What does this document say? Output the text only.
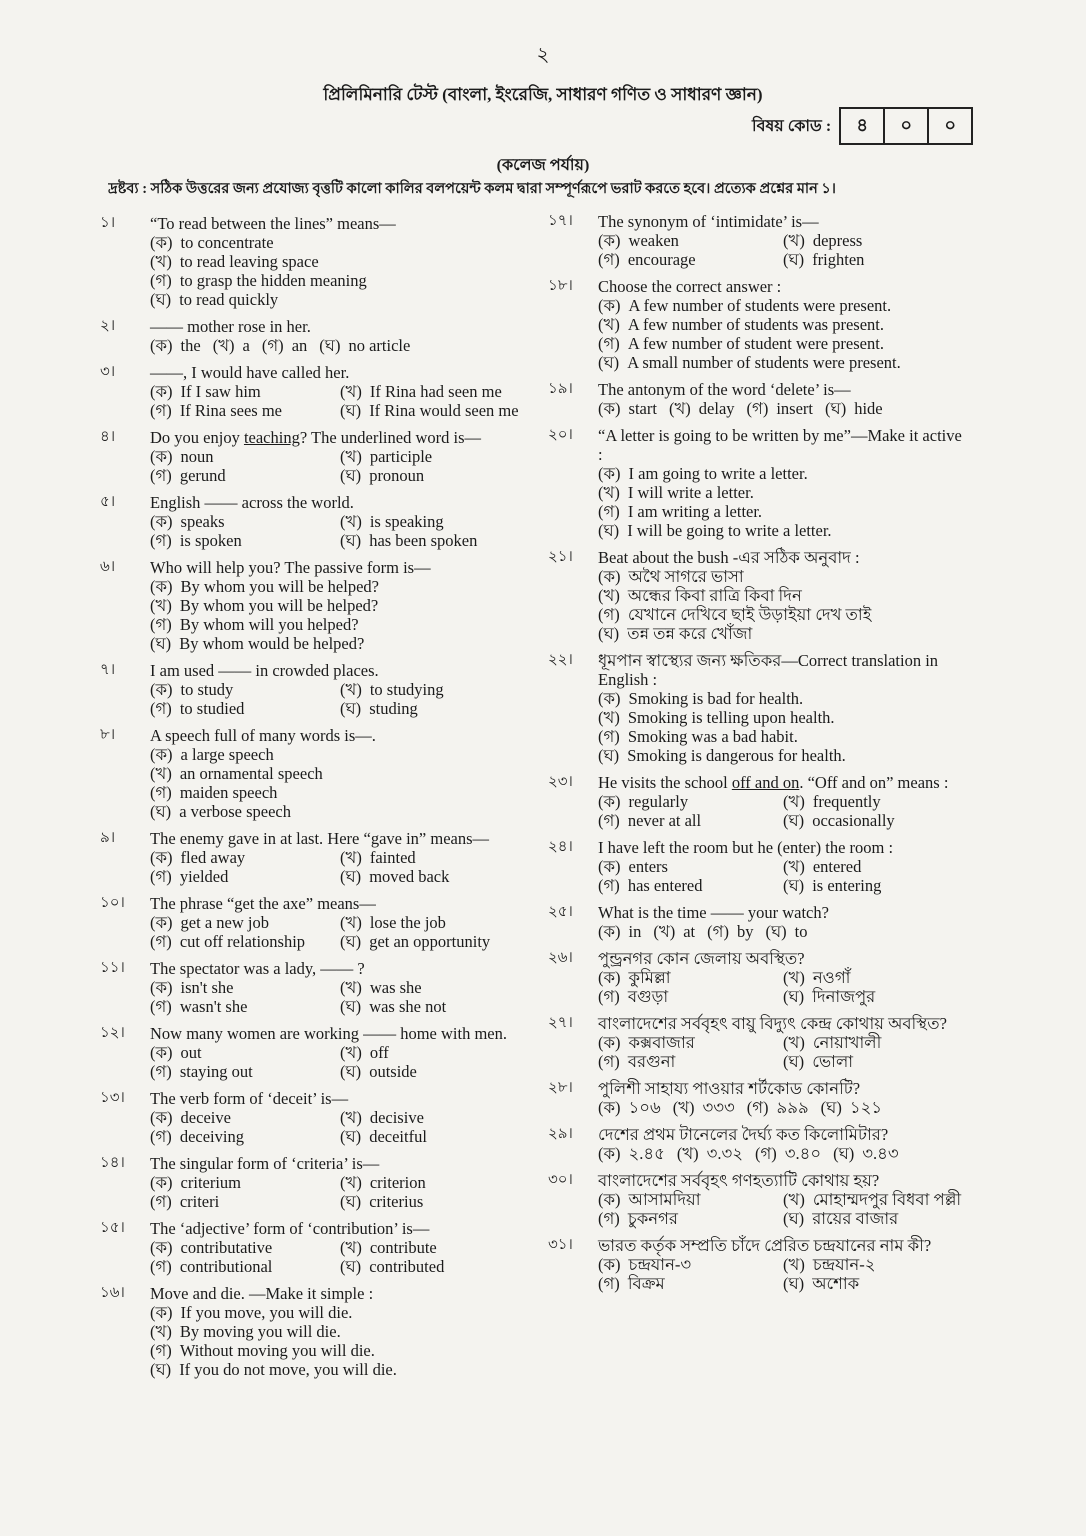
২
প্রিলিমিনারি টেস্ট (বাংলা, ইংরেজি, সাধারণ গণিত ও সাধারণ জ্ঞান)
বিষয় কোড :	৪	০	০
(কলেজ পর্যায়)
দ্রষ্টব্য : সঠিক উত্তরের জন্য প্রযোজ্য বৃত্তটি কালো কালির বলপয়েন্ট কলম দ্বারা সম্পূর্ণরূপে ভরাট করতে হবে। প্রত্যেক প্রশ্নের মান ১।
১।	“To read between the lines” means—
(ক) to concentrate
(খ) to read leaving space
(গ) to grasp the hidden meaning
(ঘ) to read quickly
২।	—— mother rose in her.
(ক) the (খ) a (গ) an (ঘ) no article
৩।	——, I would have called her.
(ক) If I saw him	(খ) If Rina had seen me
(গ) If Rina sees me	(ঘ) If Rina would seen me
৪।	Do you enjoy teaching? The underlined word is—
(ক) noun	(খ) participle
(গ) gerund	(ঘ) pronoun
৫।	English —— across the world.
(ক) speaks	(খ) is speaking
(গ) is spoken	(ঘ) has been spoken
৬।	Who will help you? The passive form is—
(ক) By whom you will be helped?
(খ) By whom you will be helped?
(গ) By whom will you helped?
(ঘ) By whom would be helped?
৭।	I am used —— in crowded places.
(ক) to study	(খ) to studying
(গ) to studied	(ঘ) studing
৮।	A speech full of many words is—.
(ক) a large speech
(খ) an ornamental speech
(গ) maiden speech
(ঘ) a verbose speech
৯।	The enemy gave in at last. Here “gave in” means—
(ক) fled away	(খ) fainted
(গ) yielded	(ঘ) moved back
১০।	The phrase “get the axe” means—
(ক) get a new job	(খ) lose the job
(গ) cut off relationship	(ঘ) get an opportunity
১১।	The spectator was a lady, —— ?
(ক) isn't she	(খ) was she
(গ) wasn't she	(ঘ) was she not
১২।	Now many women are working —— home with men.
(ক) out	(খ) off
(গ) staying out	(ঘ) outside
১৩।	The verb form of ‘deceit’ is—
(ক) deceive	(খ) decisive
(গ) deceiving	(ঘ) deceitful
১৪।	The singular form of ‘criteria’ is—
(ক) criterium	(খ) criterion
(গ) criteri	(ঘ) criterius
১৫।	The ‘adjective’ form of ‘contribution’ is—
(ক) contributative	(খ) contribute
(গ) contributional	(ঘ) contributed
১৬।	Move and die. —Make it simple :
(ক) If you move, you will die.
(খ) By moving you will die.
(গ) Without moving you will die.
(ঘ) If you do not move, you will die.
১৭।	The synonym of ‘intimidate’ is—
(ক) weaken	(খ) depress
(গ) encourage	(ঘ) frighten
১৮।	Choose the correct answer :
(ক) A few number of students were present.
(খ) A few number of students was present.
(গ) A few number of student were present.
(ঘ) A small number of students were present.
১৯।	The antonym of the word ‘delete’ is—
(ক) start (খ) delay (গ) insert (ঘ) hide
২০।	“A letter is going to be written by me”—Make it active :
(ক) I am going to write a letter.
(খ) I will write a letter.
(গ) I am writing a letter.
(ঘ) I will be going to write a letter.
২১।	Beat about the bush -এর সঠিক অনুবাদ :
(ক) অথৈ সাগরে ভাসা
(খ) অন্ধের কিবা রাত্রি কিবা দিন
(গ) যেখানে দেখিবে ছাই উড়াইয়া দেখ তাই
(ঘ) তন্ন তন্ন করে খোঁজা
২২।	ধূমপান স্বাস্থ্যের জন্য ক্ষতিকর—Correct translation in English :
(ক) Smoking is bad for health.
(খ) Smoking is telling upon health.
(গ) Smoking was a bad habit.
(ঘ) Smoking is dangerous for health.
২৩।	He visits the school off and on. “Off and on” means :
(ক) regularly	(খ) frequently
(গ) never at all	(ঘ) occasionally
২৪।	I have left the room but he (enter) the room :
(ক) enters	(খ) entered
(গ) has entered	(ঘ) is entering
২৫।	What is the time —— your watch?
(ক) in (খ) at (গ) by (ঘ) to
২৬।	পুন্ড্রনগর কোন জেলায় অবস্থিত?
(ক) কুমিল্লা	(খ) নওগাঁ
(গ) বগুড়া	(ঘ) দিনাজপুর
২৭।	বাংলাদেশের সর্ববৃহৎ বায়ু বিদ্যুৎ কেন্দ্র কোথায় অবস্থিত?
(ক) কক্সবাজার	(খ) নোয়াখালী
(গ) বরগুনা	(ঘ) ভোলা
২৮।	পুলিশী সাহায্য পাওয়ার শর্টকোড কোনটি?
(ক) ১০৬ (খ) ৩৩৩ (গ) ৯৯৯ (ঘ) ১২১
২৯।	দেশের প্রথম টানেলের দৈর্ঘ্য কত কিলোমিটার?
(ক) ২.৪৫ (খ) ৩.৩২ (গ) ৩.৪০ (ঘ) ৩.৪৩
৩০।	বাংলাদেশের সর্ববৃহৎ গণহত্যাটি কোথায় হয়?
(ক) আসামদিয়া	(খ) মোহাম্মদপুর বিধবা পল্লী
(গ) চুকনগর	(ঘ) রায়ের বাজার
৩১।	ভারত কর্তৃক সম্প্রতি চাঁদে প্রেরিত চন্দ্রযানের নাম কী?
(ক) চন্দ্রযান-৩	(খ) চন্দ্রযান-২
(গ) বিক্রম	(ঘ) অশোক
